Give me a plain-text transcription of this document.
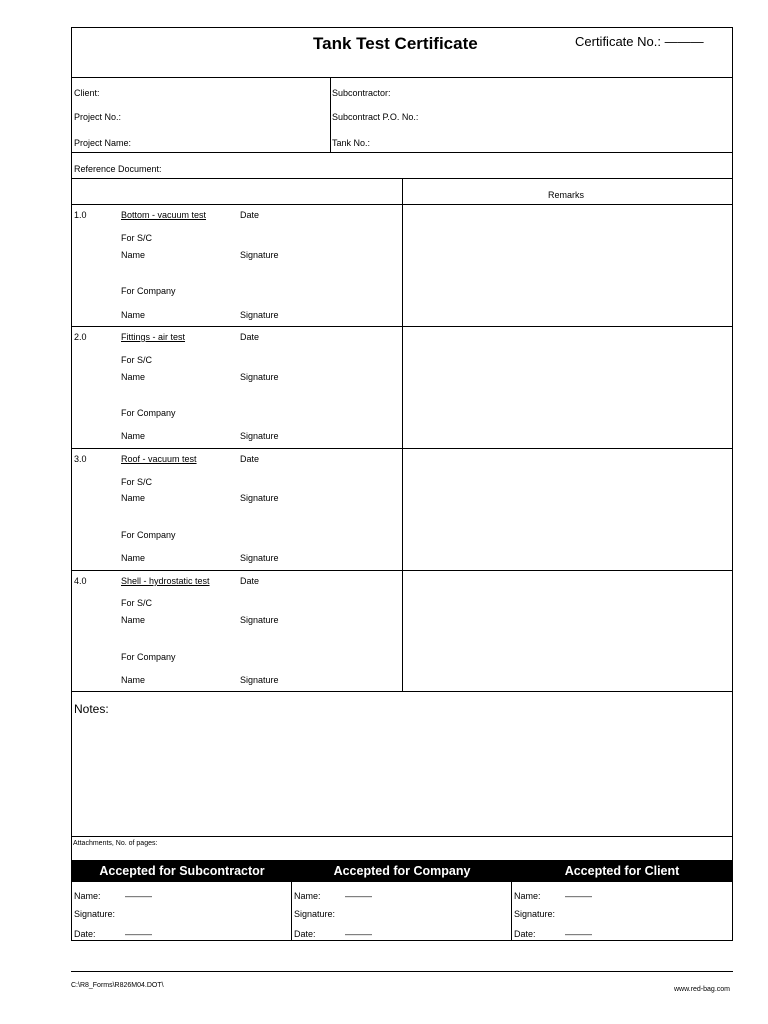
Tank Test Certificate	Certificate No.: ———
Client:
Project No.:
Project Name:
Subcontractor:
Subcontract P.O. No.:
Tank No.:
Reference Document:
Remarks
1.0	Bottom - vacuum test	Date
For S/C
Name	Signature
For Company
Name	Signature
2.0	Fittings - air test	Date
For S/C
Name	Signature
For Company
Name	Signature
3.0	Roof - vacuum test	Date
For S/C
Name	Signature
For Company
Name	Signature
4.0	Shell - hydrostatic test	Date
For S/C
Name	Signature
For Company
Name	Signature
Notes:
Attachments, No. of pages:
Accepted for Subcontractor	Accepted for Company	Accepted for Client
Name:	———
Signature:
Date:	———
Name:	———
Signature:
Date:	———
Name:	———
Signature:
Date:	———
C:\R8_Forms\R826M04.DOT\
www.red-bag.com
